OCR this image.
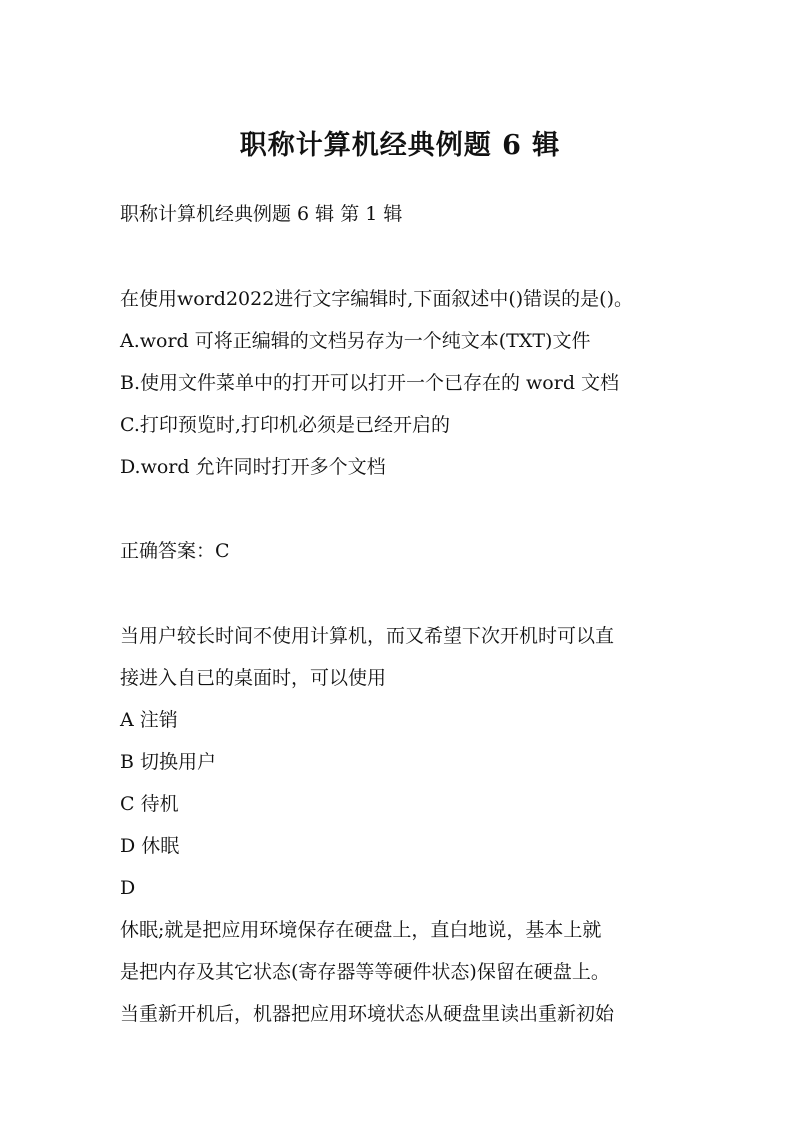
职称计算机经典例题 6 辑
职称计算机经典例题 6 辑 第 1 辑
在使用word2022进行文字编辑时,下面叙述中()错误的是()。
A.word 可将正编辑的文档另存为一个纯文本(TXT)文件
B.使用文件菜单中的打开可以打开一个已存在的 word 文档
C.打印预览时,打印机必须是已经开启的
D.word 允许同时打开多个文档
正确答案：C
当用户较长时间不使用计算机，而又希望下次开机时可以直
接进入自已的桌面时，可以使用
A 注销
B 切换用户
C 待机
D 休眠
D
休眠;就是把应用环境保存在硬盘上，直白地说，基本上就
是把内存及其它状态(寄存器等等硬件状态)保留在硬盘上。
当重新开机后，机器把应用环境状态从硬盘里读出重新初始
